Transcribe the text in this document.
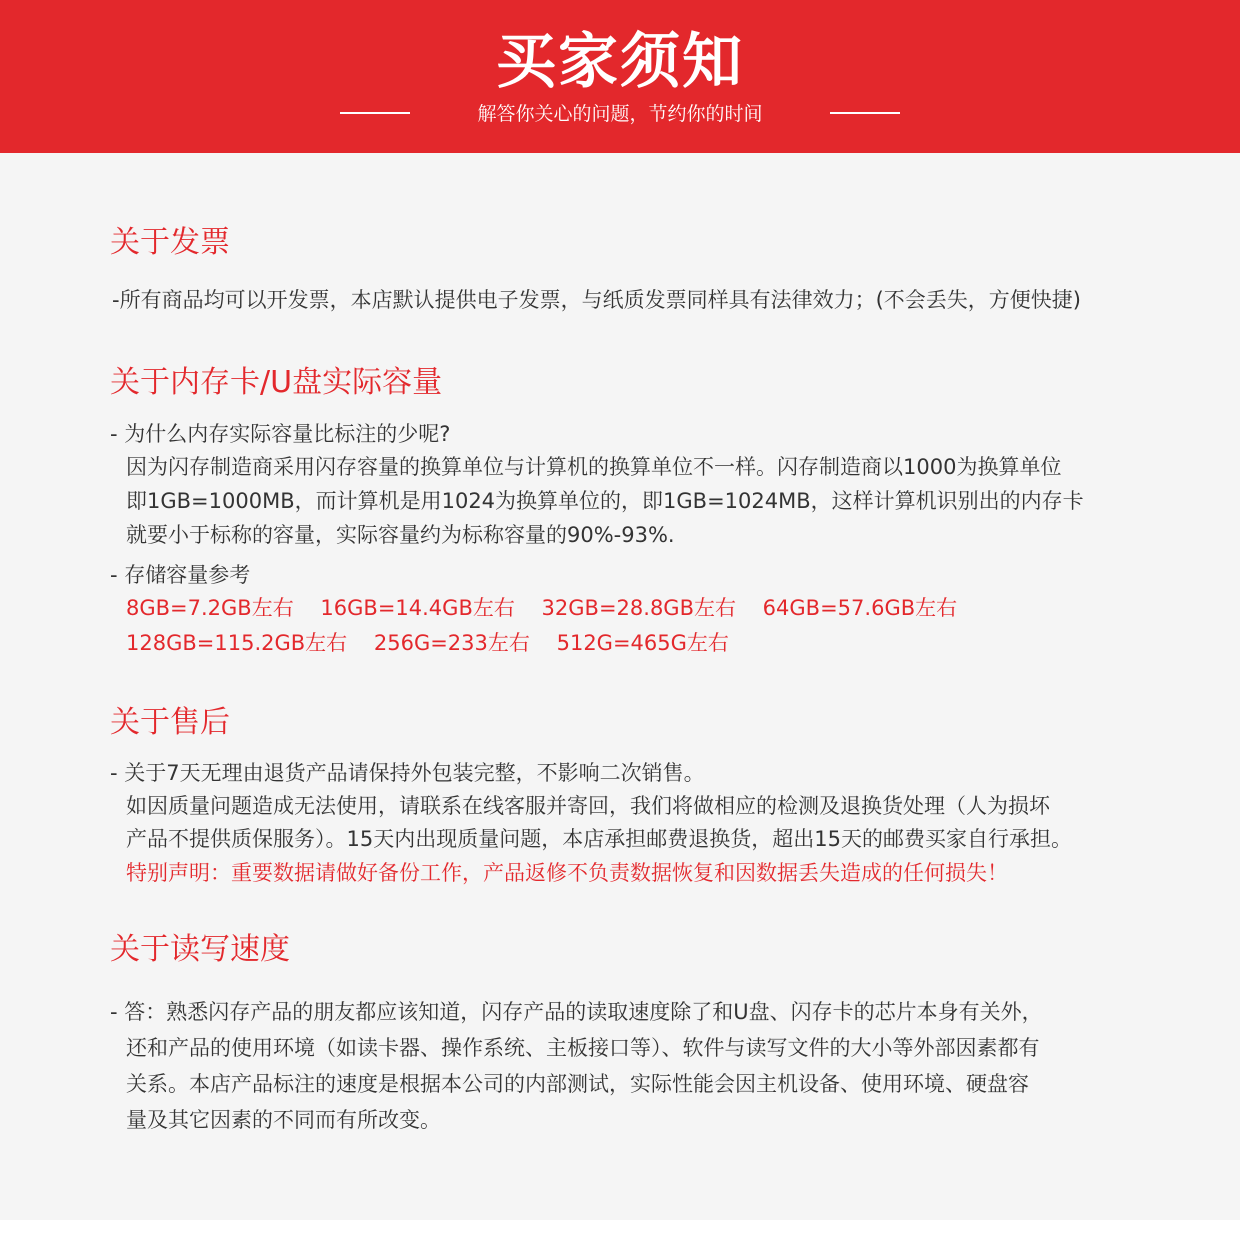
买家须知
解答你关心的问题，节约你的时间
关于发票
-所有商品均可以开发票，本店默认提供电子发票，与纸质发票同样具有法律效力；(不会丢失，方便快捷)
关于内存卡/U盘实际容量
- 为什么内存实际容量比标注的少呢?
因为闪存制造商采用闪存容量的换算单位与计算机的换算单位不一样。闪存制造商以1000为换算单位
即1GB=1000MB，而计算机是用1024为换算单位的，即1GB=1024MB，这样计算机识别出的内存卡
就要小于标称的容量，实际容量约为标称容量的90%-93%.
- 存储容量参考
8GB=7.2GB左右    16GB=14.4GB左右    32GB=28.8GB左右    64GB=57.6GB左右
128GB=115.2GB左右    256G=233左右    512G=465G左右
关于售后
- 关于7天无理由退货产品请保持外包装完整，不影响二次销售。
如因质量问题造成无法使用，请联系在线客服并寄回，我们将做相应的检测及退换货处理（人为损坏
产品不提供质保服务）。15天内出现质量问题，本店承担邮费退换货，超出15天的邮费买家自行承担。
特别声明：重要数据请做好备份工作，产品返修不负责数据恢复和因数据丢失造成的任何损失！
关于读写速度
- 答：熟悉闪存产品的朋友都应该知道，闪存产品的读取速度除了和U盘、闪存卡的芯片本身有关外，
还和产品的使用环境（如读卡器、操作系统、主板接口等）、软件与读写文件的大小等外部因素都有
关系。本店产品标注的速度是根据本公司的内部测试，实际性能会因主机设备、使用环境、硬盘容
量及其它因素的不同而有所改变。
